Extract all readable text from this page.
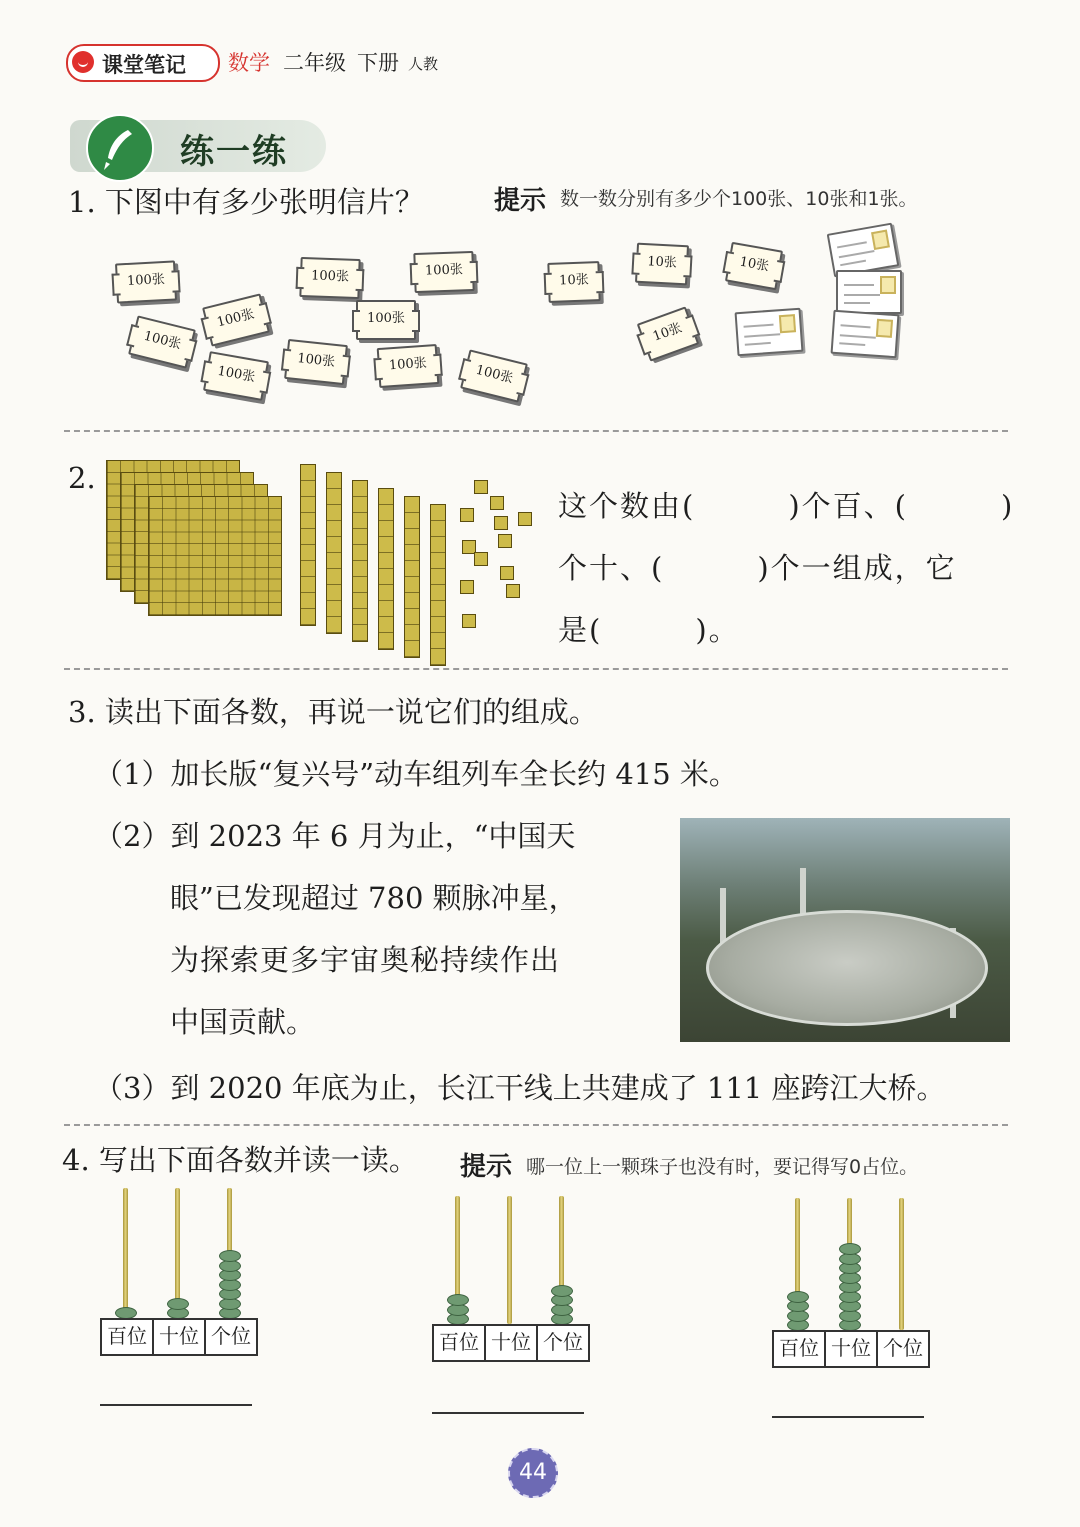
课堂笔记 数学 二年级 下册 人教
练一练
1. 下图中有多少张明信片？	提示 数一数分别有多少个100张、10张和1张。
100张	100张	100张
100张	100张
100张
100张	100张
100张	100张
10张
10张	10张
10张
2.
这个数由(　　　)个百、(　　　)
个十、(　　　)个一组成，它
是(　　　)。
3. 读出下面各数，再说一说它们的组成。
（1）加长版“复兴号”动车组列车全长约 415 米。
（2）到 2023 年 6 月为止，“中国天
眼”已发现超过 780 颗脉冲星，
为探索更多宇宙奥秘持续作出
中国贡献。
（3）到 2020 年底为止，长江干线上共建成了 111 座跨江大桥。
4. 写出下面各数并读一读。 提示 哪一位上一颗珠子也没有时，要记得写0占位。
百位 十位 个位	百位 十位 个位	百位 十位 个位
44
